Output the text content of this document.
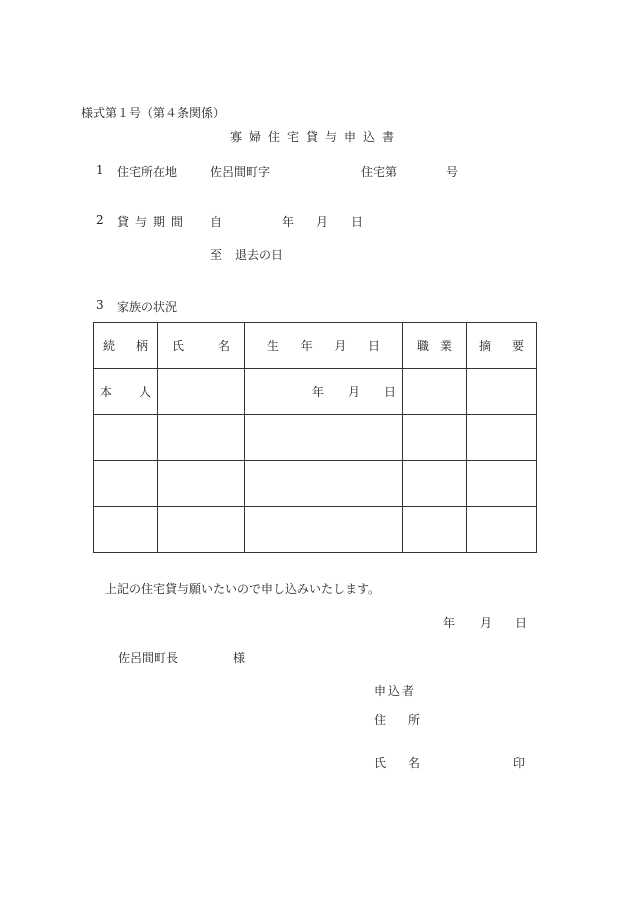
様式第１号（第４条関係）
寡婦住宅貸与申込書
1 住宅所在地	佐呂間町字	住宅第	号
2 貸与期間 自	年 月 日
至 退去の日
3 家族の状況
続 柄	氏 名	生 年 月 日	職 業	摘 要

本 人		年 月 日		

上記の住宅貸与願いたいので申し込みいたします。
年 月 日
佐呂間町長	様
申込者
住 所
氏 名	印
